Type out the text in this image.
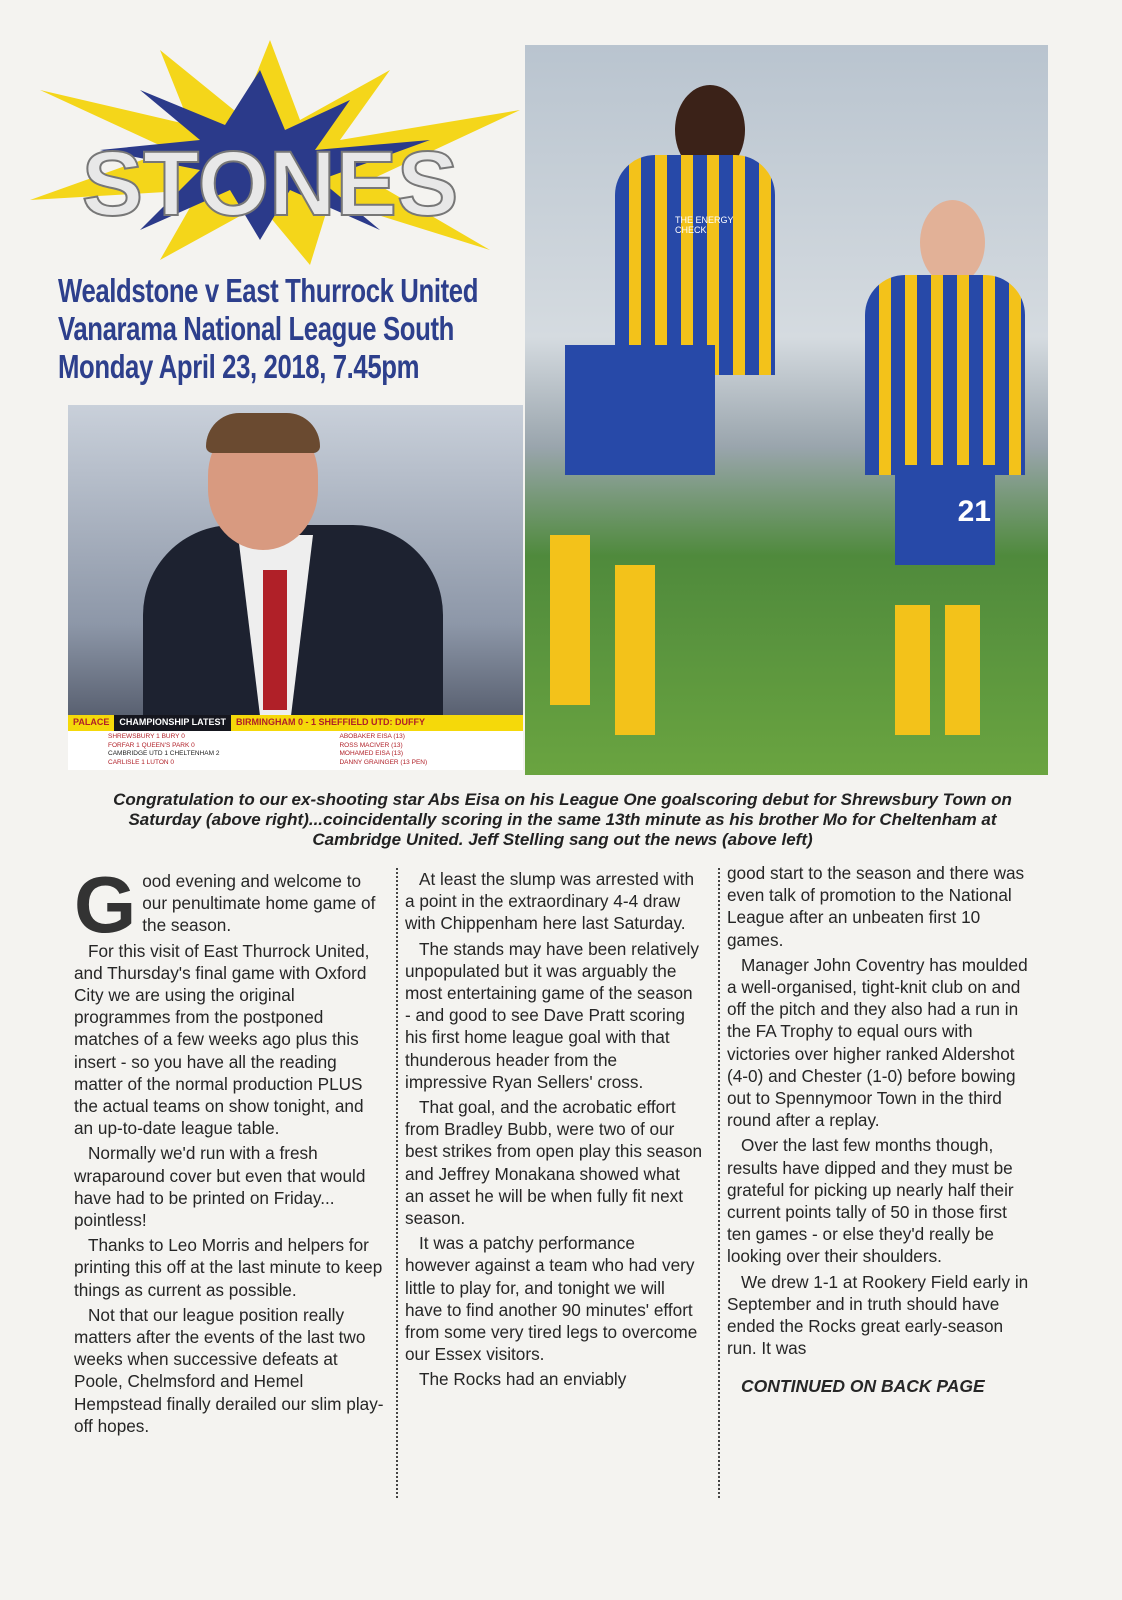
STONES
Wealdstone v East Thurrock United
Vanarama National League South
Monday April 23, 2018, 7.45pm
PALACE	CHAMPIONSHIP LATEST	BIRMINGHAM 0 - 1 SHEFFIELD UTD: DUFFY
SHREWSBURY 1 BURY 0
FORFAR 1 QUEEN'S PARK 0
CAMBRIDGE UTD 1 CHELTENHAM 2
CARLISLE 1 LUTON 0
ABOBAKER EISA (13)
ROSS MACIVER (13)
MOHAMED EISA (13)
DANNY GRAINGER (13 PEN)
THE ENERGY CHECK
21
Congratulation to our ex-shooting star Abs Eisa on his League One goalscoring debut for Shrewsbury Town on Saturday (above right)...coincidentally scoring in the same 13th minute as his brother Mo for Cheltenham at Cambridge United. Jeff Stelling sang out the news (above left)

Good evening and welcome to our penultimate home game of the season.

For this visit of East Thurrock United, and Thursday's final game with Oxford City we are using the original programmes from the postponed matches of a few weeks ago plus this insert - so you have all the reading matter of the normal production PLUS the actual teams on show tonight, and an up-to-date league table.

Normally we'd run with a fresh wraparound cover but even that would have had to be printed on Friday... pointless!

Thanks to Leo Morris and helpers for printing this off at the last minute to keep things as current as possible.

Not that our league position really matters after the events of the last two weeks when successive defeats at Poole, Chelmsford and Hemel Hempstead finally derailed our slim play-off hopes.

At least the slump was arrested with a point in the extraordinary 4-4 draw with Chippenham here last Saturday.

The stands may have been relatively unpopulated but it was arguably the most entertaining game of the season - and good to see Dave Pratt scoring his first home league goal with that thunderous header from the impressive Ryan Sellers' cross.

That goal, and the acrobatic effort from Bradley Bubb, were two of our best strikes from open play this season and Jeffrey Monakana showed what an asset he will be when fully fit next season.

It was a patchy performance however against a team who had very little to play for, and tonight we will have to find another 90 minutes' effort from some very tired legs to overcome our Essex visitors.

The Rocks had an enviably

good start to the season and there was even talk of promotion to the National League after an unbeaten first 10 games.

Manager John Coventry has moulded a well-organised, tight-knit club on and off the pitch and they also had a run in the FA Trophy to equal ours with victories over higher ranked Aldershot (4-0) and Chester (1-0) before bowing out to Spennymoor Town in the third round after a replay.

Over the last few months though, results have dipped and they must be grateful for picking up nearly half their current points tally of 50 in those first ten games - or else they'd really be looking over their shoulders.

We drew 1-1 at Rookery Field early in September and in truth should have ended the Rocks great early-season run. It was

CONTINUED ON BACK PAGE
